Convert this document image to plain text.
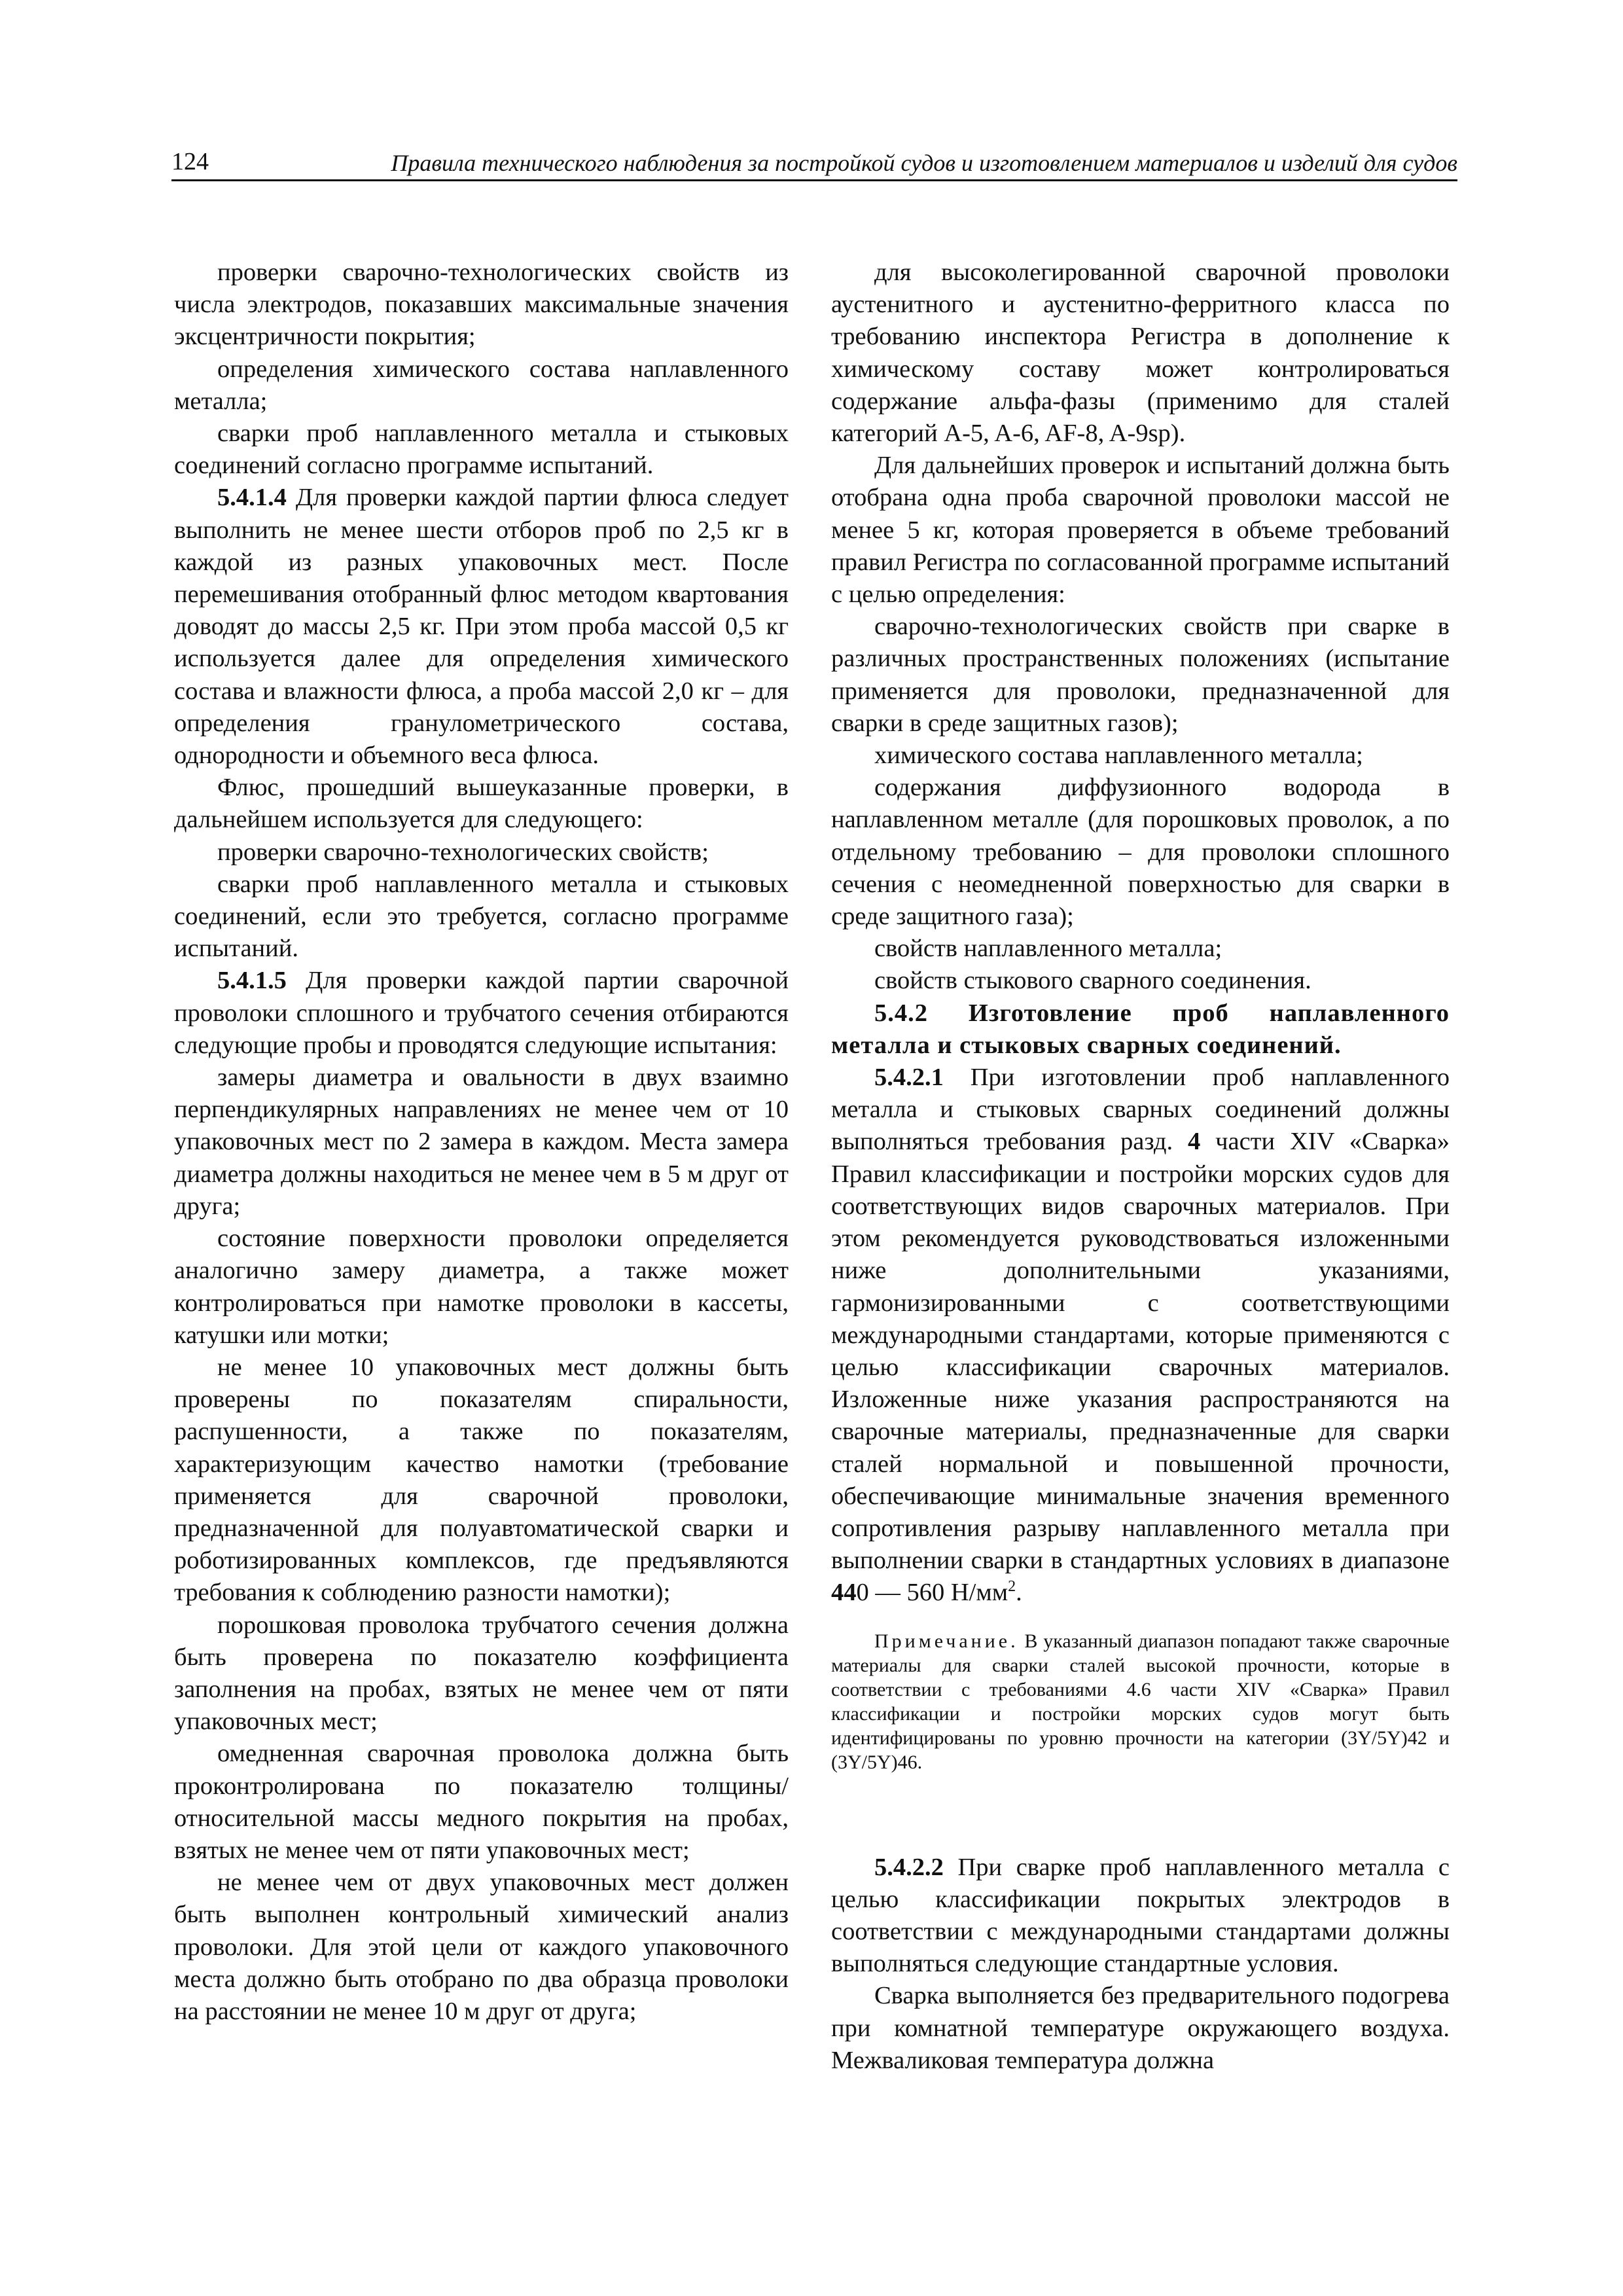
124	Правила технического наблюдения за постройкой судов и изготовлением материалов и изделий для судов

проверки сварочно-технологических свойств из числа электродов, показавших максимальные значения эксцентричности покрытия;

определения химического состава наплавленного металла;

сварки проб наплавленного металла и стыковых соединений согласно программе испытаний.

5.4.1.4 Для проверки каждой партии флюса следует выполнить не менее шести отборов проб по 2,5 кг в каждой из разных упаковочных мест. После перемешивания отобранный флюс методом квартования доводят до массы 2,5 кг. При этом проба массой 0,5 кг используется далее для определения химического состава и влажности флюса, а проба массой 2,0 кг – для определения гранулометрического состава, однородности и объемного веса флюса.

Флюс, прошедший вышеуказанные проверки, в дальнейшем используется для следующего:

проверки сварочно-технологических свойств;

сварки проб наплавленного металла и стыковых соединений, если это требуется, согласно программе испытаний.

5.4.1.5 Для проверки каждой партии сварочной проволоки сплошного и трубчатого сечения отбираются следующие пробы и проводятся следующие испытания:

замеры диаметра и овальности в двух взаимно перпендикулярных направлениях не менее чем от 10 упаковочных мест по 2 замера в каждом. Места замера диаметра должны находиться не менее чем в 5 м друг от друга;

состояние поверхности проволоки определяется аналогично замеру диаметра, а также может контролироваться при намотке проволоки в кассеты, катушки или мотки;

не менее 10 упаковочных мест должны быть проверены по показателям спиральности, распушенности, а также по показателям, характеризующим качество намотки (требование применяется для сварочной проволоки, предназначенной для полуавтоматической сварки и роботизированных комплексов, где предъявляются требования к соблюдению разности намотки);

порошковая проволока трубчатого сечения должна быть проверена по показателю коэффициента заполнения на пробах, взятых не менее чем от пяти упаковочных мест;

омедненная сварочная проволока должна быть проконтролирована по показателю толщины/относительной массы медного покрытия на пробах, взятых не менее чем от пяти упаковочных мест;

не менее чем от двух упаковочных мест должен быть выполнен контрольный химический анализ проволоки. Для этой цели от каждого упаковочного места должно быть отобрано по два образца проволоки на расстоянии не менее 10 м друг от друга;

для высоколегированной сварочной проволоки аустенитного и аустенитно-ферритного класса по требованию инспектора Регистра в дополнение к химическому составу может контролироваться содержание альфа-фазы (применимо для сталей категорий A-5, A-6, AF-8, A-9sp).

Для дальнейших проверок и испытаний должна быть отобрана одна проба сварочной проволоки массой не менее 5 кг, которая проверяется в объеме требований правил Регистра по согласованной программе испытаний с целью определения:

сварочно-технологических свойств при сварке в различных пространственных положениях (испытание применяется для проволоки, предназначенной для сварки в среде защитных газов);

химического состава наплавленного металла;

содержания диффузионного водорода в наплавленном металле (для порошковых проволок, а по отдельному требованию – для проволоки сплошного сечения с неомедненной поверхностью для сварки в среде защитного газа);

свойств наплавленного металла;

свойств стыкового сварного соединения.

5.4.2 Изготовление проб наплавленного металла и стыковых сварных соединений.

5.4.2.1 При изготовлении проб наплавленного металла и стыковых сварных соединений должны выполняться требования разд. 4 части XIV «Сварка» Правил классификации и постройки морских судов для соответствующих видов сварочных материалов. При этом рекомендуется руководствоваться изложенными ниже дополнительными указаниями, гармонизированными с соответствующими международными стандартами, которые применяются с целью классификации сварочных материалов. Изложенные ниже указания распространяются на сварочные материалы, предназначенные для сварки сталей нормальной и повышенной прочности, обеспечивающие минимальные значения временного сопротивления разрыву наплавленного металла при выполнении сварки в стандартных условиях в диапазоне 440 — 560 $Н/мм^2$.

Примечание. В указанный диапазон попадают также сварочные материалы для сварки сталей высокой прочности, которые в соответствии с требованиями 4.6 части XIV «Сварка» Правил классификации и постройки морских судов могут быть идентифицированы по уровню прочности на категории (3Y/5Y)42 и (3Y/5Y)46.

5.4.2.2 При сварке проб наплавленного металла с целью классификации покрытых электродов в соответствии с международными стандартами должны выполняться следующие стандартные условия.

Сварка выполняется без предварительного подогрева при комнатной температуре окружающего воздуха. Межваликовая температура должна
